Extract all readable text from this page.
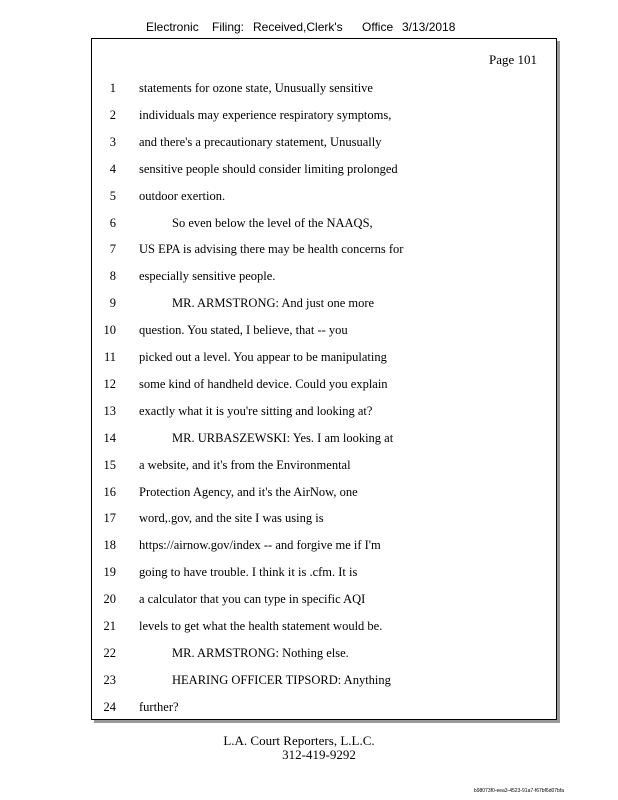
Electronic Filing: Received,Clerk's Office 3/13/2018
Page 101
1 statements for ozone state, Unusually sensitive
2 individuals may experience respiratory symptoms,
3 and there's a precautionary statement, Unusually
4 sensitive people should consider limiting prolonged
5 outdoor exertion.
6	So even below the level of the NAAQS,
7 US EPA is advising there may be health concerns for
8 especially sensitive people.
9	MR. ARMSTRONG: And just one more
10 question. You stated, I believe, that -- you
11 picked out a level. You appear to be manipulating
12 some kind of handheld device. Could you explain
13 exactly what it is you're sitting and looking at?
14	MR. URBASZEWSKI: Yes. I am looking at
15 a website, and it's from the Environmental
16 Protection Agency, and it's the AirNow, one
17 word,.gov, and the site I was using is
18 https://airnow.gov/index -- and forgive me if I'm
19 going to have trouble. I think it is .cfm. It is
20 a calculator that you can type in specific AQI
21 levels to get what the health statement would be.
22	MR. ARMSTRONG: Nothing else.
23	HEARING OFFICER TIPSORD: Anything
24 further?
L.A. Court Reporters, L.L.C.
312-419-9292
b98073f0-eea3-4523-91a7-f67bf6d07bfa
